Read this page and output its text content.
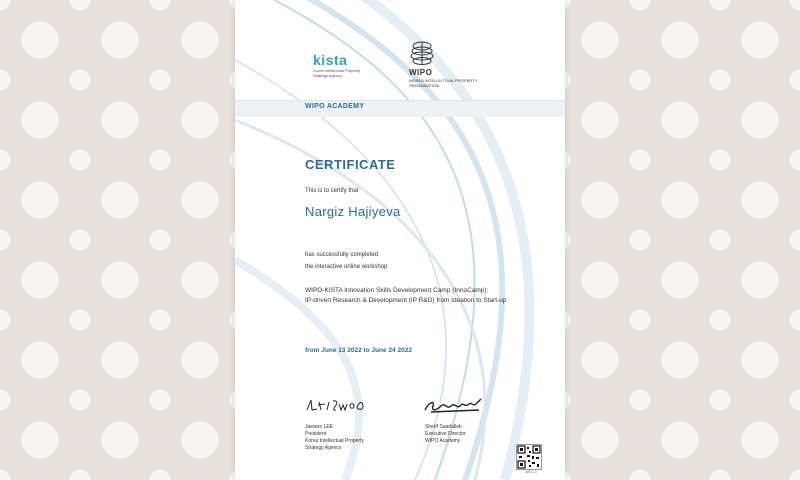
kista
Korea Intellectual Property Strategy Agency	WIPO
WORLD INTELLECTUAL PROPERTY ORGANIZATION
WIPO ACADEMY
CERTIFICATE
This is to certify that
Nargiz Hajiyeva
has successfully completed
the interactive online workshop
WIPO-KISTA Innovation Skills Development Camp (InnoCamp):
IP-driven Research & Development (IP R&D) from Ideation to Start-up
from June 13 2022 to June 24 2022
Jaewoo LEE
President
Korea Intellectual Property
Strategy Agency
Sherif Saadallah
Executive Director
WIPO Academy
WTC-0
